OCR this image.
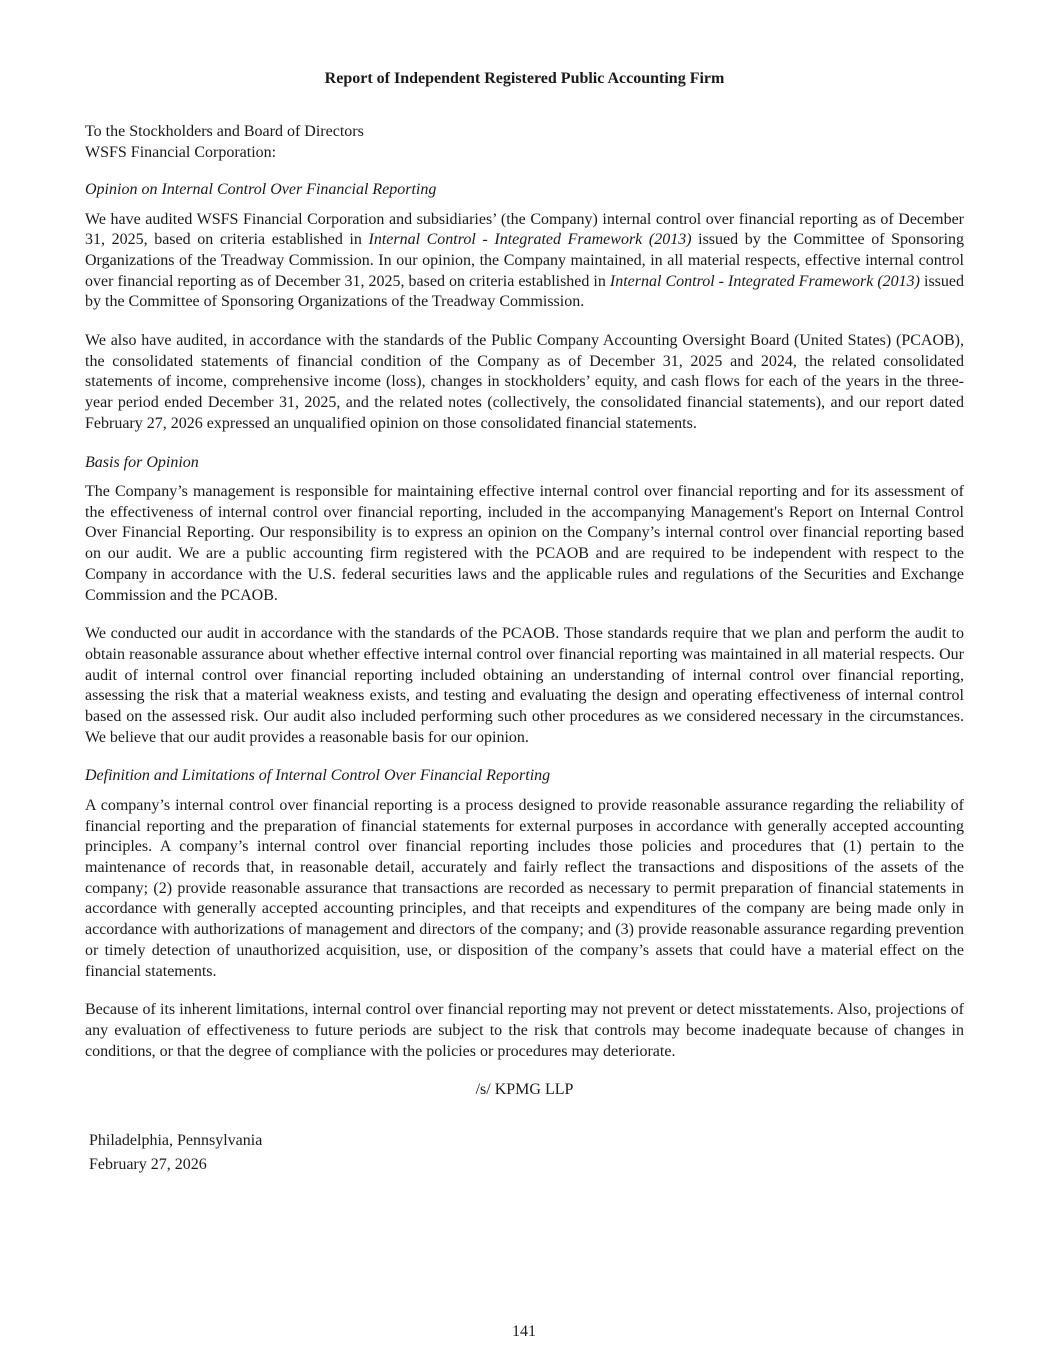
Report of Independent Registered Public Accounting Firm

To the Stockholders and Board of Directors

WSFS Financial Corporation:

Opinion on Internal Control Over Financial Reporting

We have audited WSFS Financial Corporation and subsidiaries’ (the Company) internal control over financial reporting as of December 31, 2025, based on criteria established in Internal Control - Integrated Framework (2013) issued by the Committee of Sponsoring Organizations of the Treadway Commission. In our opinion, the Company maintained, in all material respects, effective internal control over financial reporting as of December 31, 2025, based on criteria established in Internal Control - Integrated Framework (2013) issued by the Committee of Sponsoring Organizations of the Treadway Commission.

We also have audited, in accordance with the standards of the Public Company Accounting Oversight Board (United States) (PCAOB), the consolidated statements of financial condition of the Company as of December 31, 2025 and 2024, the related consolidated statements of income, comprehensive income (loss), changes in stockholders’ equity, and cash flows for each of the years in the three-year period ended December 31, 2025, and the related notes (collectively, the consolidated financial statements), and our report dated February 27, 2026 expressed an unqualified opinion on those consolidated financial statements.

Basis for Opinion

The Company’s management is responsible for maintaining effective internal control over financial reporting and for its assessment of the effectiveness of internal control over financial reporting, included in the accompanying Management's Report on Internal Control Over Financial Reporting. Our responsibility is to express an opinion on the Company’s internal control over financial reporting based on our audit. We are a public accounting firm registered with the PCAOB and are required to be independent with respect to the Company in accordance with the U.S. federal securities laws and the applicable rules and regulations of the Securities and Exchange Commission and the PCAOB.

We conducted our audit in accordance with the standards of the PCAOB. Those standards require that we plan and perform the audit to obtain reasonable assurance about whether effective internal control over financial reporting was maintained in all material respects. Our audit of internal control over financial reporting included obtaining an understanding of internal control over financial reporting, assessing the risk that a material weakness exists, and testing and evaluating the design and operating effectiveness of internal control based on the assessed risk. Our audit also included performing such other procedures as we considered necessary in the circumstances. We believe that our audit provides a reasonable basis for our opinion.

Definition and Limitations of Internal Control Over Financial Reporting

A company’s internal control over financial reporting is a process designed to provide reasonable assurance regarding the reliability of financial reporting and the preparation of financial statements for external purposes in accordance with generally accepted accounting principles. A company’s internal control over financial reporting includes those policies and procedures that (1) pertain to the maintenance of records that, in reasonable detail, accurately and fairly reflect the transactions and dispositions of the assets of the company; (2) provide reasonable assurance that transactions are recorded as necessary to permit preparation of financial statements in accordance with generally accepted accounting principles, and that receipts and expenditures of the company are being made only in accordance with authorizations of management and directors of the company; and (3) provide reasonable assurance regarding prevention or timely detection of unauthorized acquisition, use, or disposition of the company’s assets that could have a material effect on the financial statements.

Because of its inherent limitations, internal control over financial reporting may not prevent or detect misstatements. Also, projections of any evaluation of effectiveness to future periods are subject to the risk that controls may become inadequate because of changes in conditions, or that the degree of compliance with the policies or procedures may deteriorate.

/s/ KPMG LLP
Philadelphia, Pennsylvania
February 27, 2026
141
